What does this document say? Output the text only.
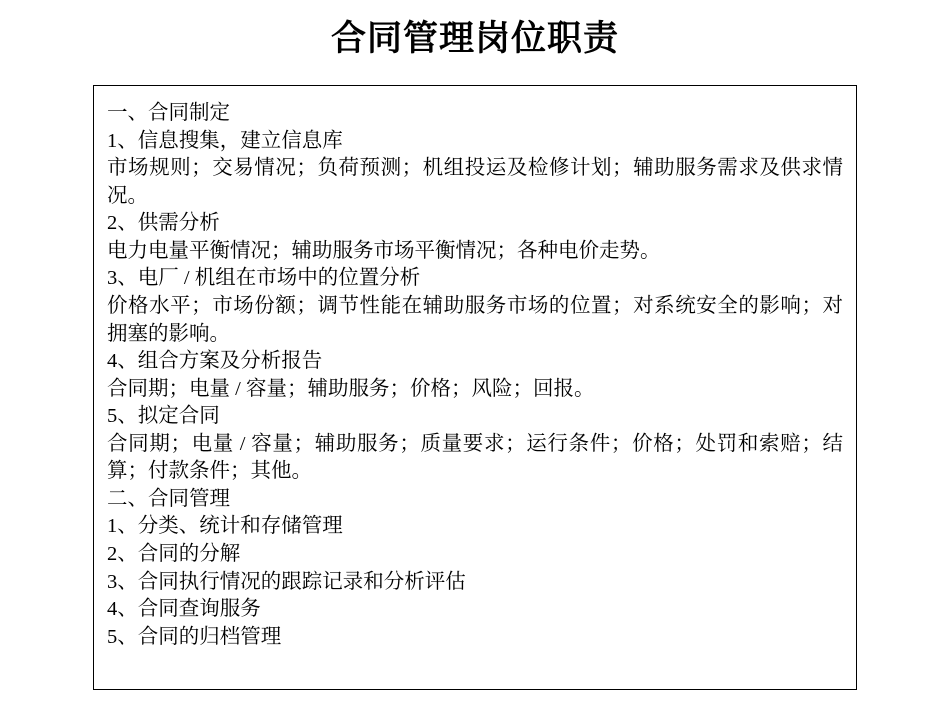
合同管理岗位职责
一、合同制定
1、信息搜集，建立信息库
市场规则；交易情况；负荷预测；机组投运及检修计划；辅助服务需求及供求情况。
2、供需分析
电力电量平衡情况；辅助服务市场平衡情况；各种电价走势。
3、电厂 / 机组在市场中的位置分析
价格水平；市场份额；调节性能在辅助服务市场的位置；对系统安全的影响；对拥塞的影响。
4、组合方案及分析报告
合同期；电量 / 容量；辅助服务；价格；风险；回报。
5、拟定合同
合同期；电量 / 容量；辅助服务；质量要求；运行条件；价格；处罚和索赔；结算；付款条件；其他。
二、合同管理
1、分类、统计和存储管理
2、合同的分解
3、合同执行情况的跟踪记录和分析评估
4、合同查询服务
5、合同的归档管理
